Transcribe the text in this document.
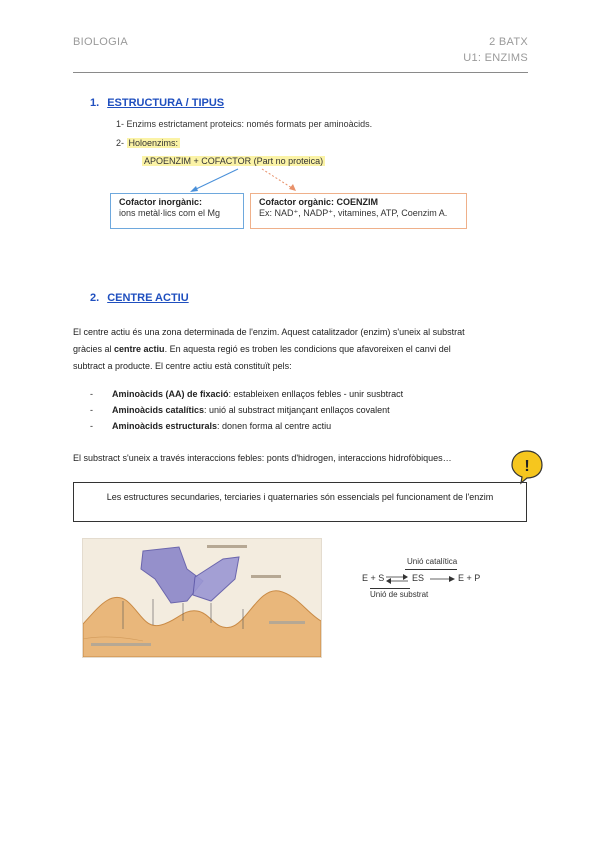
BIOLOGIA	2 BATX
U1: ENZIMS
1. ESTRUCTURA / TIPUS
1- Enzims estrictament proteics: només formats per aminoàcids.
2- Holoenzims:
APOENZIM + COFACTOR (Part no proteica)
Cofactor inorgànic:
ions metàl·lics com el Mg
Cofactor orgànic: COENZIM
Ex: NAD⁺, NADP⁺, vitamines, ATP, Coenzim A.
2. CENTRE ACTIU
El centre actiu és una zona determinada de l'enzim. Aquest catalitzador (enzim) s'uneix al substrat
gràcies al centre actiu. En aquesta regió es troben les condicions que afavoreixen el canvi del
subtract a producte. El centre actiu està constituït pels:
- Aminoàcids (AA) de fixació: estableixen enllaços febles - unir susbtract
- Aminoàcids catalítics: unió al substract mitjançant enllaços covalent
- Aminoàcids estructurals: donen forma al centre actiu
El substract s'uneix a través interaccions febles: ponts d'hidrogen, interaccions hidrofòbiques…
Les estructures secundaries, terciaries i quaternaries són essencials pel funcionament de l'enzim
!
Unió catalítica
E + S ⇌ ES → E + P
Unió de substrat
